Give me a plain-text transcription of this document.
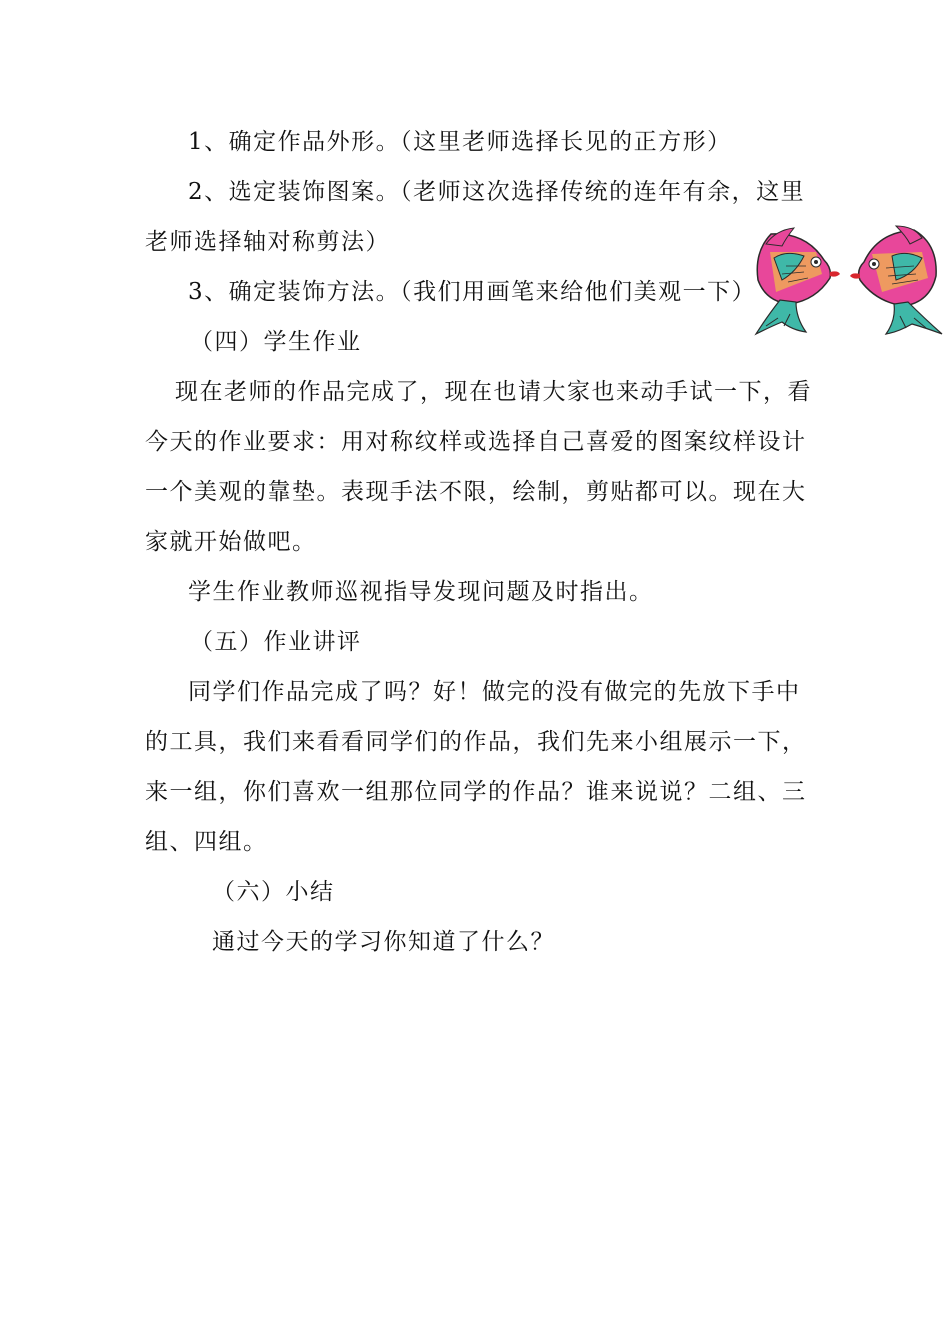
1、确定作品外形。（这里老师选择长见的正方形）
2、选定装饰图案。（老师这次选择传统的连年有余，这里
老师选择轴对称剪法）
3、确定装饰方法。（我们用画笔来给他们美观一下）
（四）学生作业
现在老师的作品完成了，现在也请大家也来动手试一下，看
今天的作业要求：用对称纹样或选择自己喜爱的图案纹样设计
一个美观的靠垫。表现手法不限，绘制，剪贴都可以。现在大
家就开始做吧。
学生作业教师巡视指导发现问题及时指出。
（五）作业讲评
同学们作品完成了吗？好！做完的没有做完的先放下手中
的工具，我们来看看同学们的作品，我们先来小组展示一下，
来一组，你们喜欢一组那位同学的作品？谁来说说？二组、三
组、四组。
（六）小结
通过今天的学习你知道了什么？
